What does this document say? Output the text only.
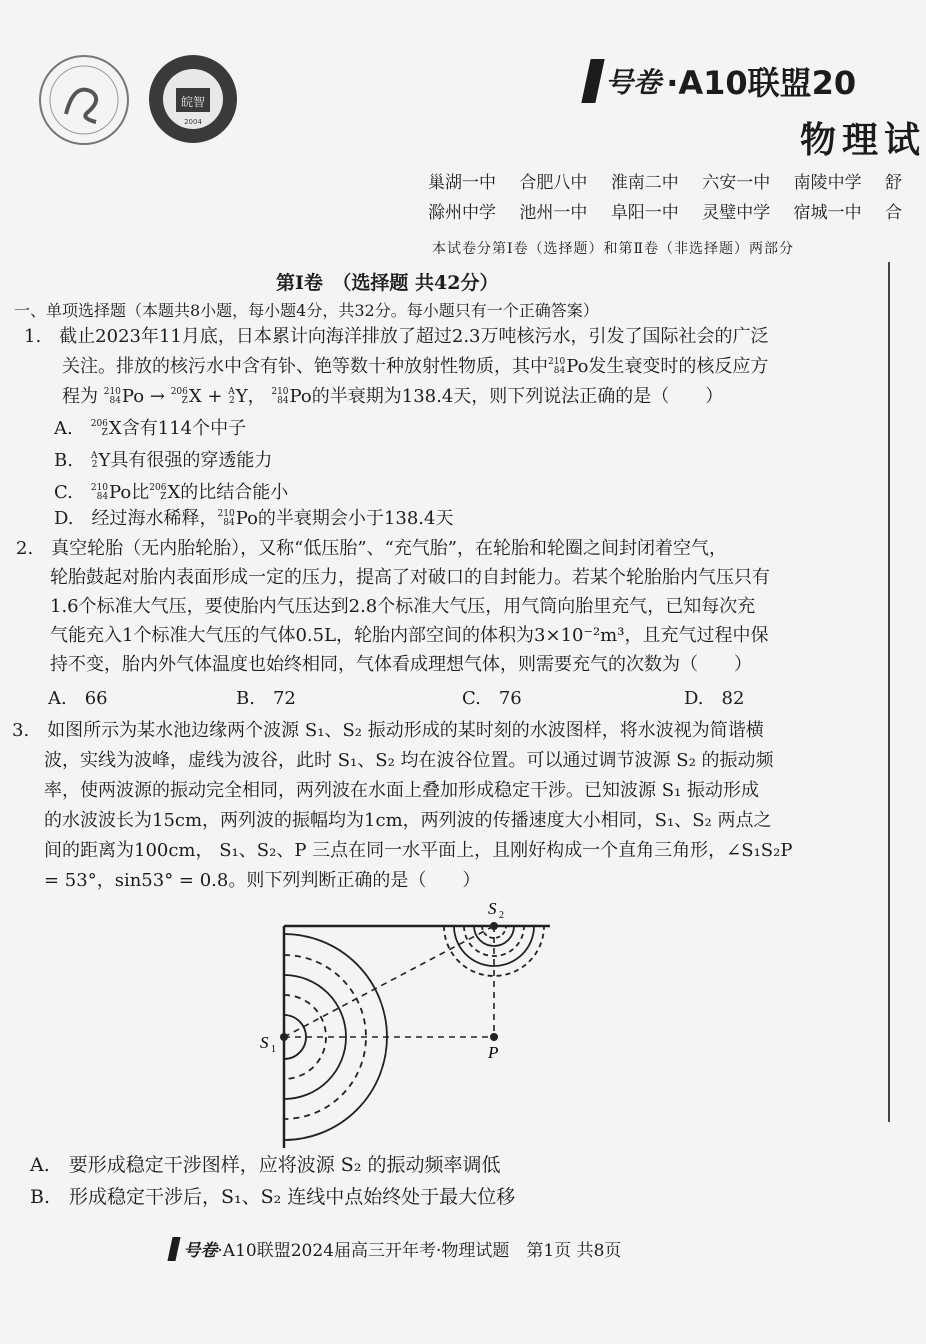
皖智
2004
号卷 ·A10联盟20
物理试
巢湖一中 合肥八中 淮南二中 六安一中 南陵中学 舒
滁州中学 池州一中 阜阳一中 灵璧中学 宿城一中 合
本试卷分第Ⅰ卷（选择题）和第Ⅱ卷（非选择题）两部分
第Ⅰ卷　（选择题 共42分）
一、单项选择题（本题共8小题，每小题4分，共32分。每小题只有一个正确答案）
1.　截止2023年11月底，日本累计向海洋排放了超过2.3万吨核污水，引发了国际社会的广泛
关注。排放的核污水中含有钋、铯等数十种放射性物质，其中 210
84 Po发生衰变时的核反应方
程为 210
84 Po → 206
Z X + A
2 Y， 210
84 Po的半衰期为138.4天，则下列说法正确的是（　　）
A. 206
Z X含有114个中子
B. A
2 Y具有很强的穿透能力
C. 210
84 Po比 206
Z X的比结合能小
D. 经过海水稀释， 210
84 Po的半衰期会小于138.4天
2.　真空轮胎（无内胎轮胎），又称“低压胎”、“充气胎”，在轮胎和轮圈之间封闭着空气，
轮胎鼓起对胎内表面形成一定的压力，提高了对破口的自封能力。若某个轮胎胎内气压只有
1.6个标准大气压，要使胎内气压达到2.8个标准大气压，用气筒向胎里充气，已知每次充
气能充入1个标准大气压的气体0.5L，轮胎内部空间的体积为3×10⁻²m³，且充气过程中保
持不变，胎内外气体温度也始终相同，气体看成理想气体，则需要充气的次数为（　　）
A.　66	B.　72	C.　76	D.　82
3.　如图所示为某水池边缘两个波源 S₁、S₂ 振动形成的某时刻的水波图样，将水波视为简谐横
波，实线为波峰，虚线为波谷，此时 S₁、S₂ 均在波谷位置。可以通过调节波源 S₂ 的振动频
率，使两波源的振动完全相同，两列波在水面上叠加形成稳定干涉。已知波源 S₁ 振动形成
的水波波长为15cm，两列波的振幅均为1cm，两列波的传播速度大小相同，S₁、S₂ 两点之
间的距离为100cm， S₁、S₂、P 三点在同一水平面上，且刚好构成一个直角三角形，∠S₁S₂P
= 53°，sin53° = 0.8。则下列判断正确的是（　　）
S 1
S 2
P
A.　要形成稳定干涉图样，应将波源 S₂ 的振动频率调低
B.　形成稳定干涉后，S₁、S₂ 连线中点始终处于最大位移
号卷·A10联盟2024届高三开年考·物理试题　第1页 共8页
